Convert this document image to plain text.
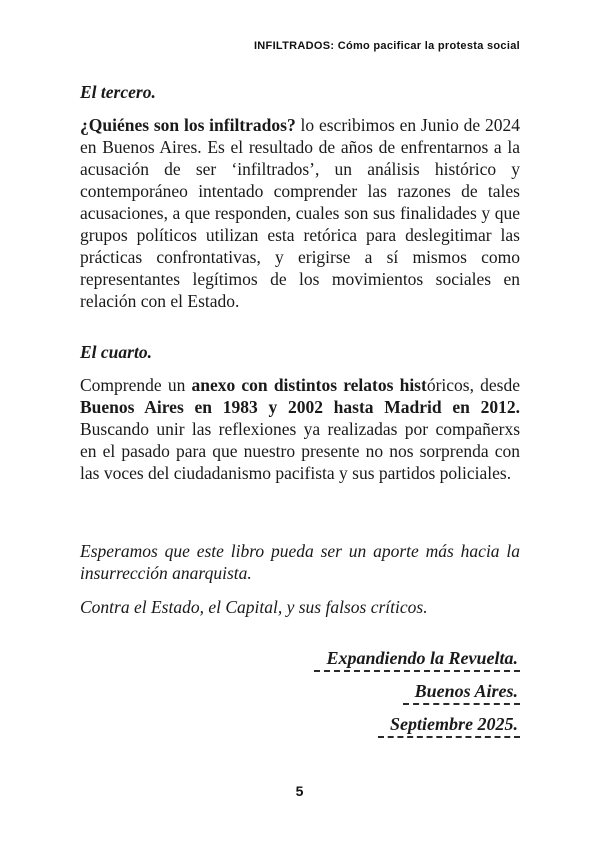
INFILTRADOS: Cómo pacificar la protesta social
El tercero.

¿Quiénes son los infiltrados? lo escribimos en Junio de 2024 en Buenos Aires. Es el resultado de años de enfrentarnos a la acusación de ser ‘infiltrados’, un análisis histórico y contemporáneo intentado comprender las razones de tales acusaciones, a que responden, cuales son sus finalidades y que grupos políticos utilizan esta retórica para deslegitimar las prácticas confrontativas, y erigirse a sí mismos como representantes legítimos de los movimientos sociales en relación con el Estado.

El cuarto.

Comprende un anexo con distintos relatos históricos, desde Buenos Aires en 1983 y 2002 hasta Madrid en 2012. Buscando unir las reflexiones ya realizadas por compañerxs en el pasado para que nuestro presente no nos sorprenda con las voces del ciudadanismo pacifista y sus partidos policiales.

Esperamos que este libro pueda ser un aporte más hacia la insurrección anarquista.

Contra el Estado, el Capital, y sus falsos críticos.

Expandiendo la Revuelta.
Buenos Aires.
Septiembre 2025.
5
